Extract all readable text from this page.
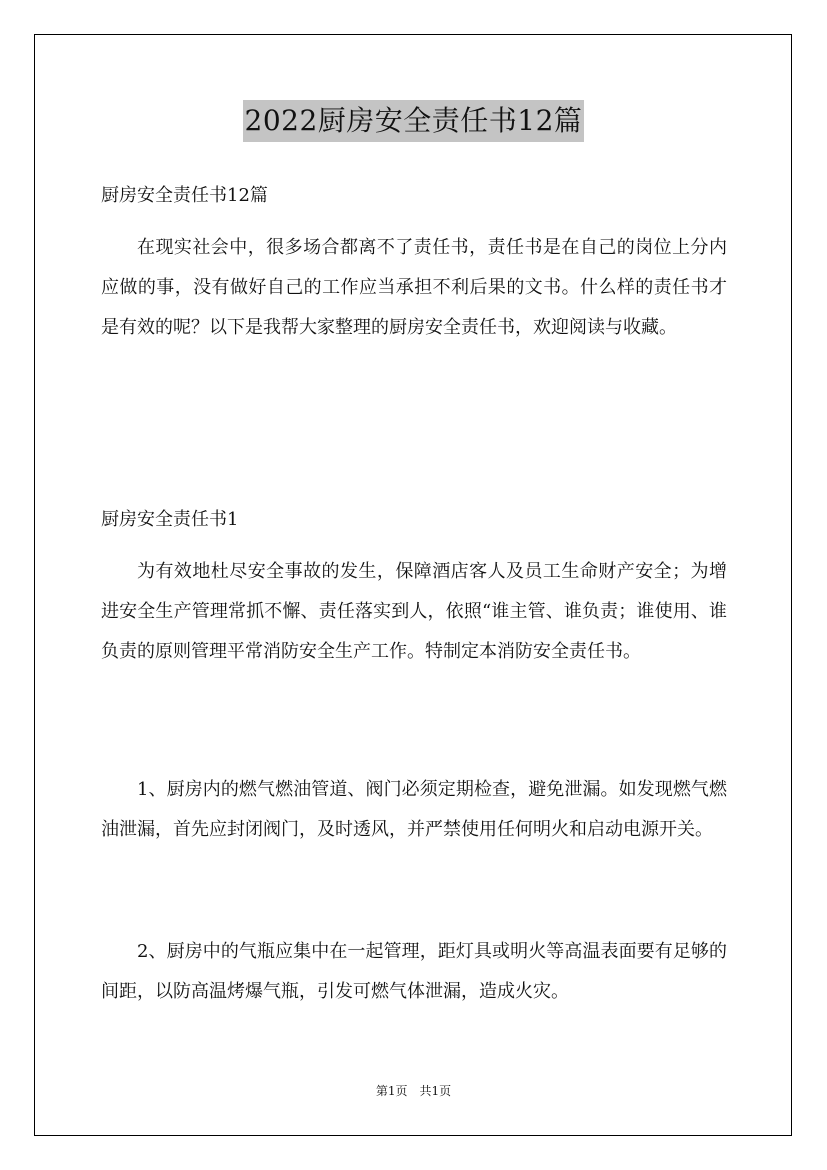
2022厨房安全责任书12篇

厨房安全责任书12篇

在现实社会中，很多场合都离不了责任书，责任书是在自己的岗位上分内应做的事，没有做好自己的工作应当承担不利后果的文书。什么样的责任书才是有效的呢？以下是我帮大家整理的厨房安全责任书，欢迎阅读与收藏。

厨房安全责任书1

为有效地杜尽安全事故的发生，保障酒店客人及员工生命财产安全；为增进安全生产管理常抓不懈、责任落实到人，依照“谁主管、谁负责；谁使用、谁负责的原则管理平常消防安全生产工作。特制定本消防安全责任书。

1、厨房内的燃气燃油管道、阀门必须定期检查，避免泄漏。如发现燃气燃油泄漏，首先应封闭阀门，及时透风，并严禁使用任何明火和启动电源开关。

2、厨房中的气瓶应集中在一起管理，距灯具或明火等高温表面要有足够的间距，以防高温烤爆气瓶，引发可燃气体泄漏，造成火灾。

第1页　共1页
